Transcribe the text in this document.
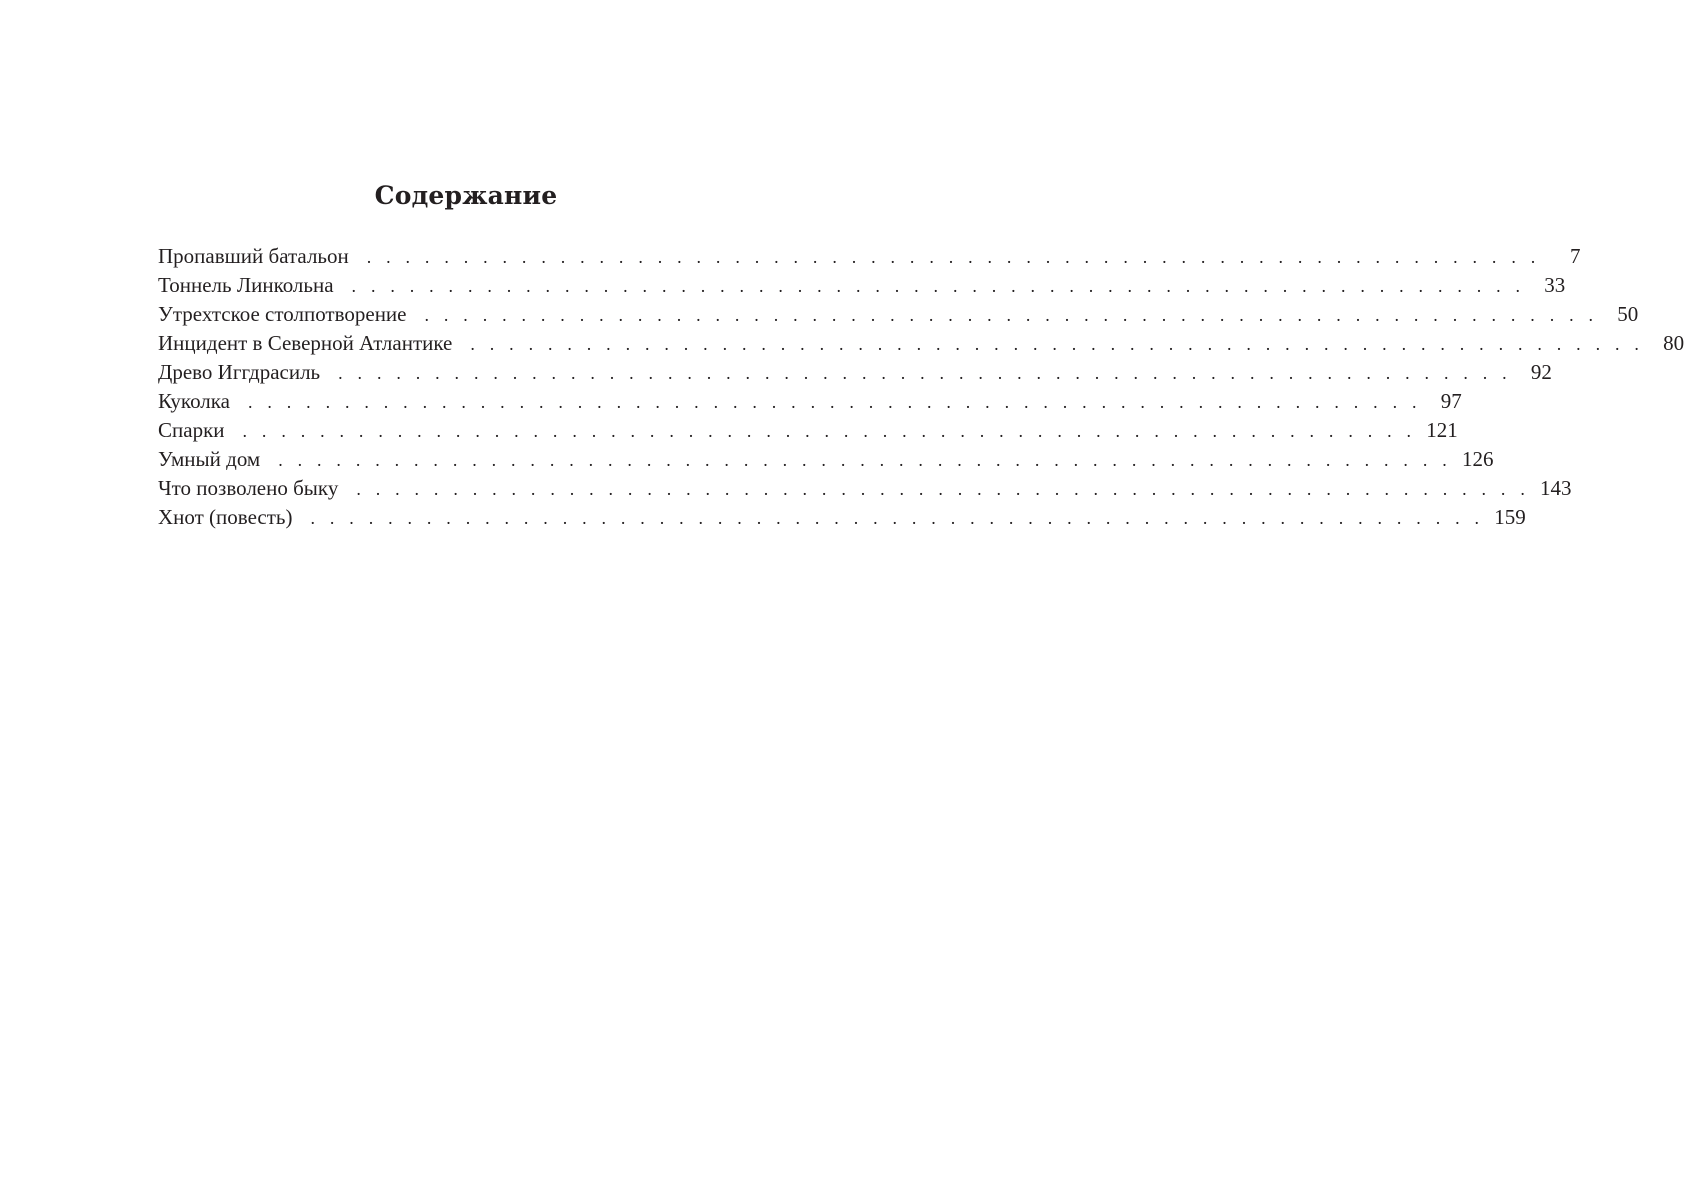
Содержание
Пропавший батальон	. . . . . . . . . . . . . . . . . . . . . . . . . . . . . . . . . . . . . . . . . . . . . . . . . . . . . . . . . . . . .	7
Тоннель Линкольна	. . . . . . . . . . . . . . . . . . . . . . . . . . . . . . . . . . . . . . . . . . . . . . . . . . . . . . . . . . . . . 33
Утрехтское столпотворение	. . . . . . . . . . . . . . . . . . . . . . . . . . . . . . . . . . . . . . . . . . . . . . . . . . . . . . . . . . . . . 50
Инцидент в Северной Атлантике	. . . . . . . . . . . . . . . . . . . . . . . . . . . . . . . . . . . . . . . . . . . . . . . . . . . . . . . . . . . . . 80
Древо Иггдрасиль	. . . . . . . . . . . . . . . . . . . . . . . . . . . . . . . . . . . . . . . . . . . . . . . . . . . . . . . . . . . . . 92
Куколка	. . . . . . . . . . . . . . . . . . . . . . . . . . . . . . . . . . . . . . . . . . . . . . . . . . . . . . . . . . . . . 97
Спарки	. . . . . . . . . . . . . . . . . . . . . . . . . . . . . . . . . . . . . . . . . . . . . . . . . . . . . . . . . . . . . 121
Умный дом	. . . . . . . . . . . . . . . . . . . . . . . . . . . . . . . . . . . . . . . . . . . . . . . . . . . . . . . . . . . . . 126
Что позволено быку	. . . . . . . . . . . . . . . . . . . . . . . . . . . . . . . . . . . . . . . . . . . . . . . . . . . . . . . . . . . . . 143
Хнот (повесть)	. . . . . . . . . . . . . . . . . . . . . . . . . . . . . . . . . . . . . . . . . . . . . . . . . . . . . . . . . . . . . 159
